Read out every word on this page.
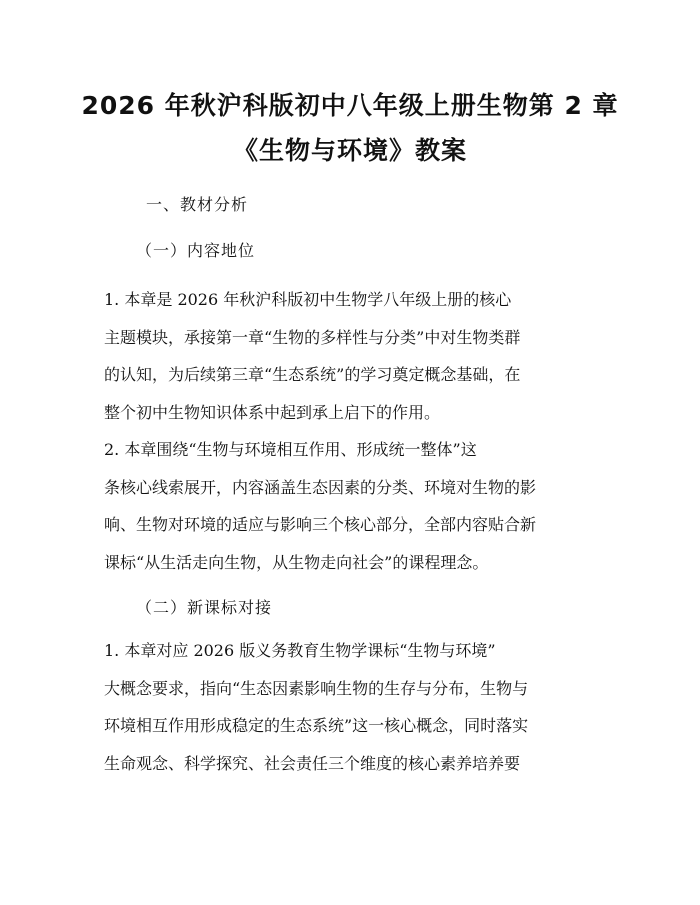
2026 年秋沪科版初中八年级上册生物第 2 章
《生物与环境》教案
一、教材分析
（一）内容地位
1. 本章是 2026 年秋沪科版初中生物学八年级上册的核心
主题模块，承接第一章“生物的多样性与分类”中对生物类群
的认知，为后续第三章“生态系统”的学习奠定概念基础，在
整个初中生物知识体系中起到承上启下的作用。
2. 本章围绕“生物与环境相互作用、形成统一整体”这
条核心线索展开，内容涵盖生态因素的分类、环境对生物的影
响、生物对环境的适应与影响三个核心部分，全部内容贴合新
课标“从生活走向生物，从生物走向社会”的课程理念。
（二）新课标对接
1. 本章对应 2026 版义务教育生物学课标“生物与环境”
大概念要求，指向“生态因素影响生物的生存与分布，生物与
环境相互作用形成稳定的生态系统”这一核心概念，同时落实
生命观念、科学探究、社会责任三个维度的核心素养培养要
